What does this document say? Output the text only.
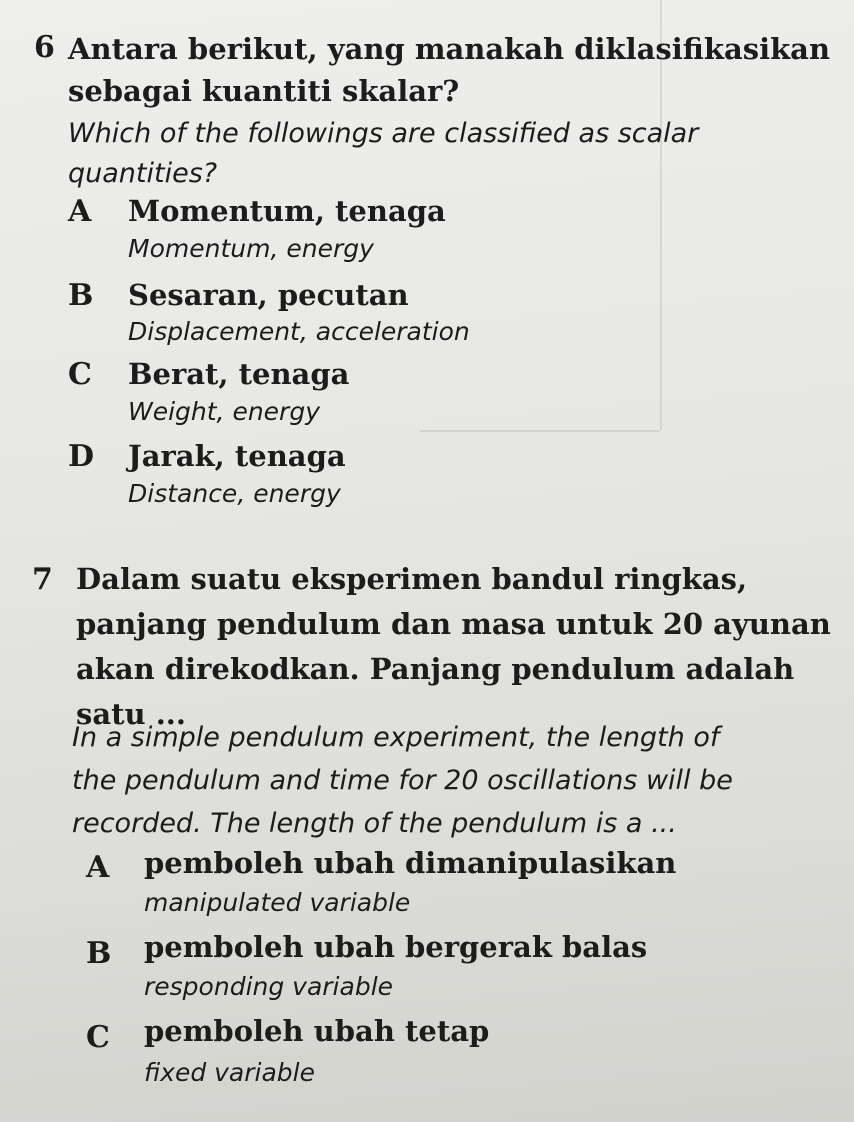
6 Antara berikut, yang manakah diklasifikasikan
sebagai kuantiti skalar?
Which of the followings are classified as scalar
quantities?
A Momentum, tenaga
Momentum, energy
B Sesaran, pecutan
Displacement, acceleration
C Berat, tenaga
Weight, energy
D Jarak, tenaga
Distance, energy
7 Dalam suatu eksperimen bandul ringkas,
panjang pendulum dan masa untuk 20 ayunan
akan direkodkan. Panjang pendulum adalah
satu ...
In a simple pendulum experiment, the length of
the pendulum and time for 20 oscillations will be
recorded. The length of the pendulum is a ...
A pemboleh ubah dimanipulasikan
manipulated variable
B pemboleh ubah bergerak balas
responding variable
C pemboleh ubah tetap
fixed variable
